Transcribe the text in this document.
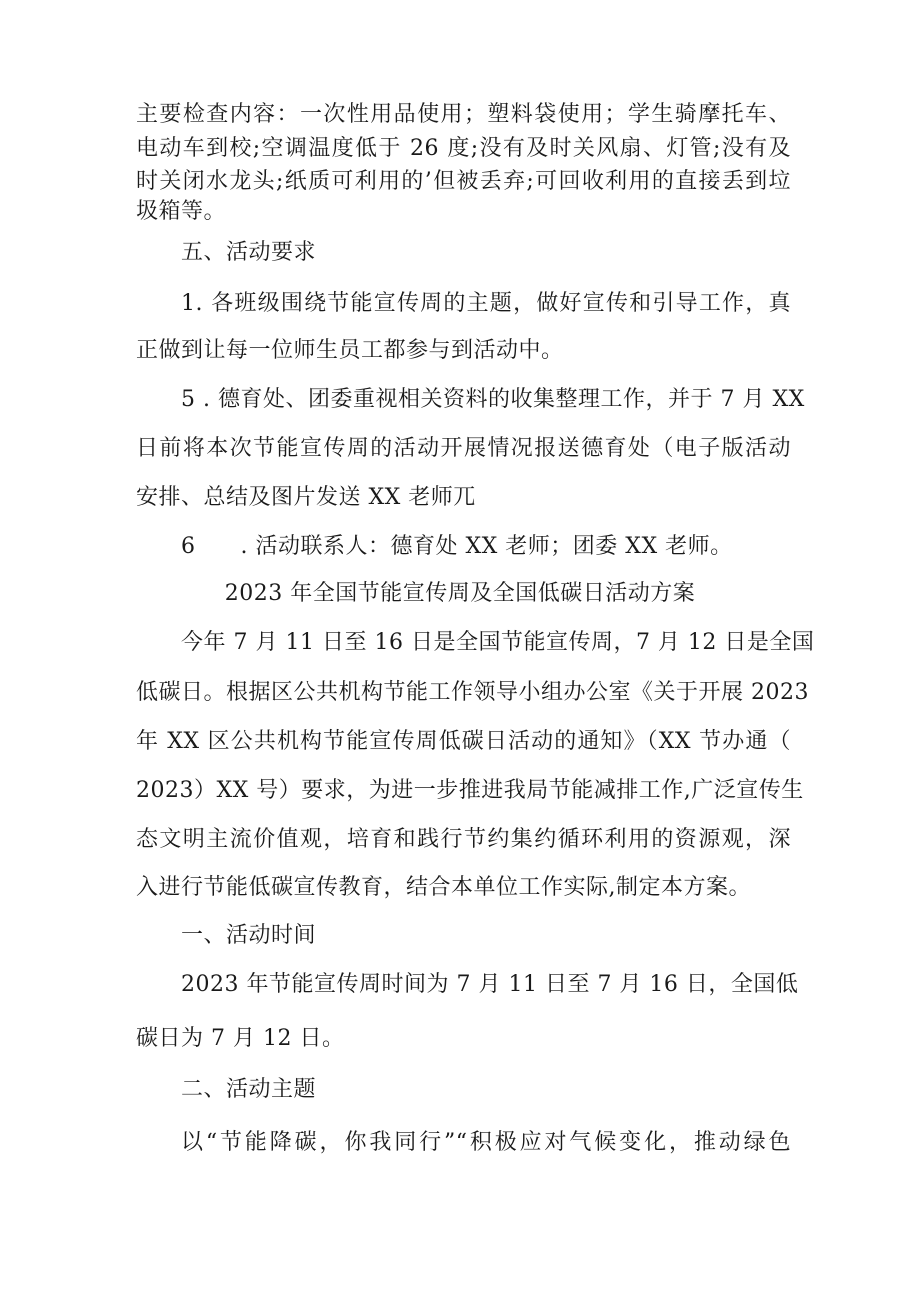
主要检查内容：一次性用品使用；塑料袋使用；学生骑摩托车、
电动车到校;空调温度低于 26 度;没有及时关风扇、灯管;没有及
时关闭水龙头;纸质可利用的’但被丢弃;可回收利用的直接丢到垃
圾箱等。
五、活动要求
1. 各班级围绕节能宣传周的主题，做好宣传和引导工作，真
正做到让每一位师生员工都参与到活动中。
5 . 德育处、团委重视相关资料的收集整理工作，并于 7 月 XX
日前将本次节能宣传周的活动开展情况报送德育处（电子版活动
安排、总结及图片发送 XX 老师兀
6　　. 活动联系人：德育处 XX 老师；团委 XX 老师。
2023 年全国节能宣传周及全国低碳日活动方案
今年 7 月 11 日至 16 日是全国节能宣传周，7 月 12 日是全国
低碳日。根据区公共机构节能工作领导小组办公室《关于开展 2023
年 XX 区公共机构节能宣传周低碳日活动的通知》（XX 节办通（
2023）XX 号）要求，为进一步推进我局节能减排工作,广泛宣传生
态文明主流价值观，培育和践行节约集约循环利用的资源观，深
入进行节能低碳宣传教育，结合本单位工作实际,制定本方案。
一、活动时间
2023 年节能宣传周时间为 7 月 11 日至 7 月 16 日，全国低
碳日为 7 月 12 日。
二、活动主题
以“节能降碳，你我同行”“积极应对气候变化，推动绿色
